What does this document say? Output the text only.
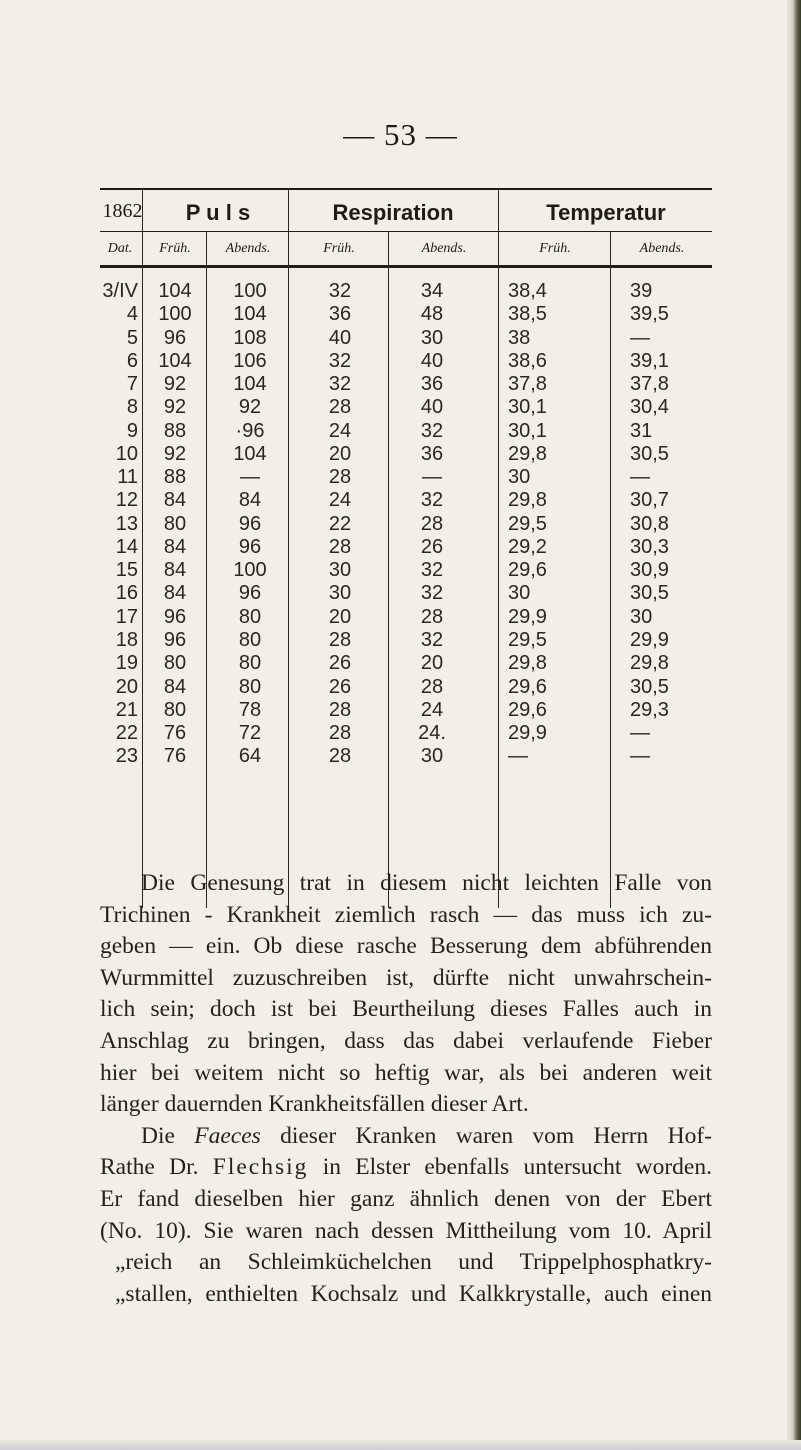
— 53 —
1862	P u l s	Respiration	Temperatur
Dat.	Früh.	Abends.	Früh.	Abends.	Früh.	Abends.
3/IV	104	100	32	34	38,4	39
4	100	104	36	48	38,5	39,5
5	96	108	40	30	38	—
6	104	106	32	40	38,6	39,1
7	92	104	32	36	37,8	37,8
8	92	92	28	40	30,1	30,4
9	88	·96	24	32	30,1	31
10	92	104	20	36	29,8	30,5
11	88	—	28	—	30	—
12	84	84	24	32	29,8	30,7
13	80	96	22	28	29,5	30,8
14	84	96	28	26	29,2	30,3
15	84	100	30	32	29,6	30,9
16	84	96	30	32	30	30,5
17	96	80	20	28	29,9	30
18	96	80	28	32	29,5	29,9
19	80	80	26	20	29,8	29,8
20	84	80	26	28	29,6	30,5
21	80	78	28	24	29,6	29,3
22	76	72	28	24.	29,9	—
23	76	64	28	30	—	—

Die Genesung trat in diesem nicht leichten Falle von
Trichinen - Krankheit ziemlich rasch — das muss ich zu-
geben — ein. Ob diese rasche Besserung dem abführenden
Wurmmittel zuzuschreiben ist, dürfte nicht unwahrschein-
lich sein; doch ist bei Beurtheilung dieses Falles auch in
Anschlag zu bringen, dass das dabei verlaufende Fieber
hier bei weitem nicht so heftig war, als bei anderen weit
länger dauernden Krankheitsfällen dieser Art.

Die Faeces dieser Kranken waren vom Herrn Hof-
Rathe Dr. Flechsig in Elster ebenfalls untersucht worden.
Er fand dieselben hier ganz ähnlich denen von der Ebert
(No. 10). Sie waren nach dessen Mittheilung vom 10. April
„reich an Schleimküchelchen und Trippelphosphatkry-
„stallen, enthielten Kochsalz und Kalkkrystalle, auch einen
